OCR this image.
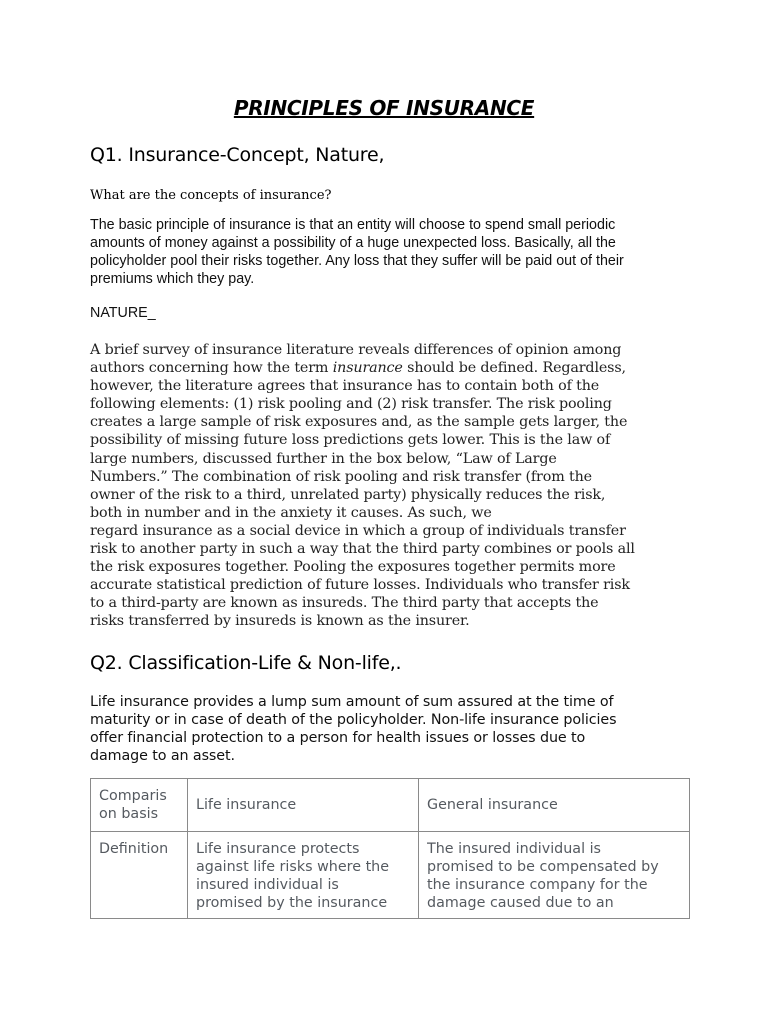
PRINCIPLES OF INSURANCE
Q1. Insurance-Concept, Nature,
What are the concepts of insurance?
The basic principle of insurance is that an entity will choose to spend small periodic
amounts of money against a possibility of a huge unexpected loss. Basically, all the
policyholder pool their risks together. Any loss that they suffer will be paid out of their
premiums which they pay.
NATURE_
A brief survey of insurance literature reveals differences of opinion among
authors concerning how the term insurance should be defined. Regardless,
however, the literature agrees that insurance has to contain both of the
following elements: (1) risk pooling and (2) risk transfer. The risk pooling
creates a large sample of risk exposures and, as the sample gets larger, the
possibility of missing future loss predictions gets lower. This is the law of
large numbers, discussed further in the box below, “Law of Large
Numbers.” The combination of risk pooling and risk transfer (from the
owner of the risk to a third, unrelated party) physically reduces the risk,
both in number and in the anxiety it causes. As such, we
regard insurance as a social device in which a group of individuals transfer
risk to another party in such a way that the third party combines or pools all
the risk exposures together. Pooling the exposures together permits more
accurate statistical prediction of future losses. Individuals who transfer risk
to a third-party are known as insureds. The third party that accepts the
risks transferred by insureds is known as the insurer.
Q2. Classification-Life & Non-life,.
Life insurance provides a lump sum amount of sum assured at the time of
maturity or in case of death of the policyholder. Non-life insurance policies
offer financial protection to a person for health issues or losses due to
damage to an asset.
Comparis
on basis	Life insurance	General insurance
Definition	Life insurance protects
against life risks where the
insured individual is
promised by the insurance	The insured individual is
promised to be compensated by
the insurance company for the
damage caused due to an
